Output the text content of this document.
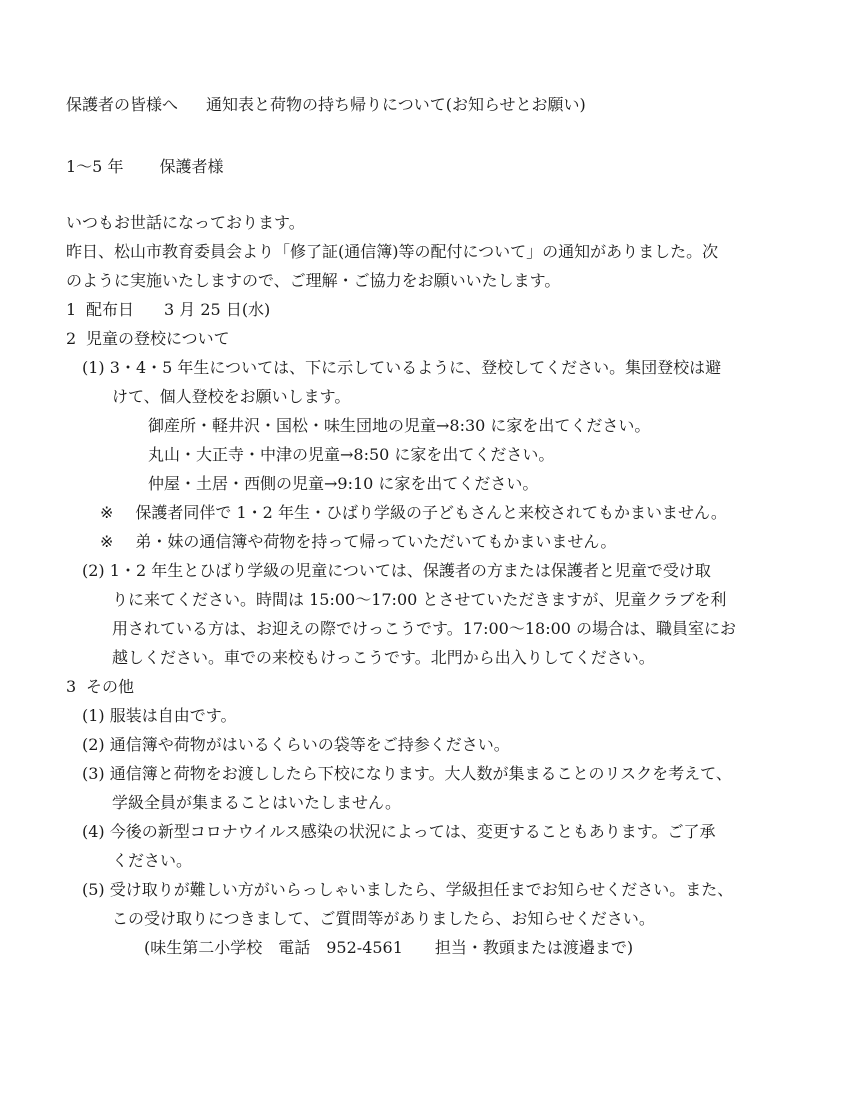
保護者の皆様へ 通知表と荷物の持ち帰りについて(お知らせとお願い)
1～5 年 保護者様
いつもお世話になっております。
昨日、松山市教育委員会より「修了証(通信簿)等の配付について」の通知がありました。次
のように実施いたしますので、ご理解・ご協力をお願いいたします。
1 配布日 3 月 25 日(水)
2 児童の登校について
(1) 3・4・5 年生については、下に示しているように、登校してください。集団登校は避
けて、個人登校をお願いします。
御産所・軽井沢・国松・味生団地の児童→8:30 に家を出てください。
丸山・大正寺・中津の児童→8:50 に家を出てください。
仲屋・土居・西側の児童→9:10 に家を出てください。
※ 保護者同伴で 1・2 年生・ひばり学級の子どもさんと来校されてもかまいません。
※ 弟・妹の通信簿や荷物を持って帰っていただいてもかまいません。
(2) 1・2 年生とひばり学級の児童については、保護者の方または保護者と児童で受け取
りに来てください。時間は 15:00～17:00 とさせていただきますが、児童クラブを利
用されている方は、お迎えの際でけっこうです。17:00～18:00 の場合は、職員室にお
越しください。車での来校もけっこうです。北門から出入りしてください。
3 その他
(1) 服装は自由です。
(2) 通信簿や荷物がはいるくらいの袋等をご持参ください。
(3) 通信簿と荷物をお渡ししたら下校になります。大人数が集まることのリスクを考えて、
学級全員が集まることはいたしません。
(4) 今後の新型コロナウイルス感染の状況によっては、変更することもあります。ご了承
ください。
(5) 受け取りが難しい方がいらっしゃいましたら、学級担任までお知らせください。また、
この受け取りにつきまして、ご質問等がありましたら、お知らせください。
(味生第二小学校　電話　952-4561　　担当・教頭または渡邉まで)
